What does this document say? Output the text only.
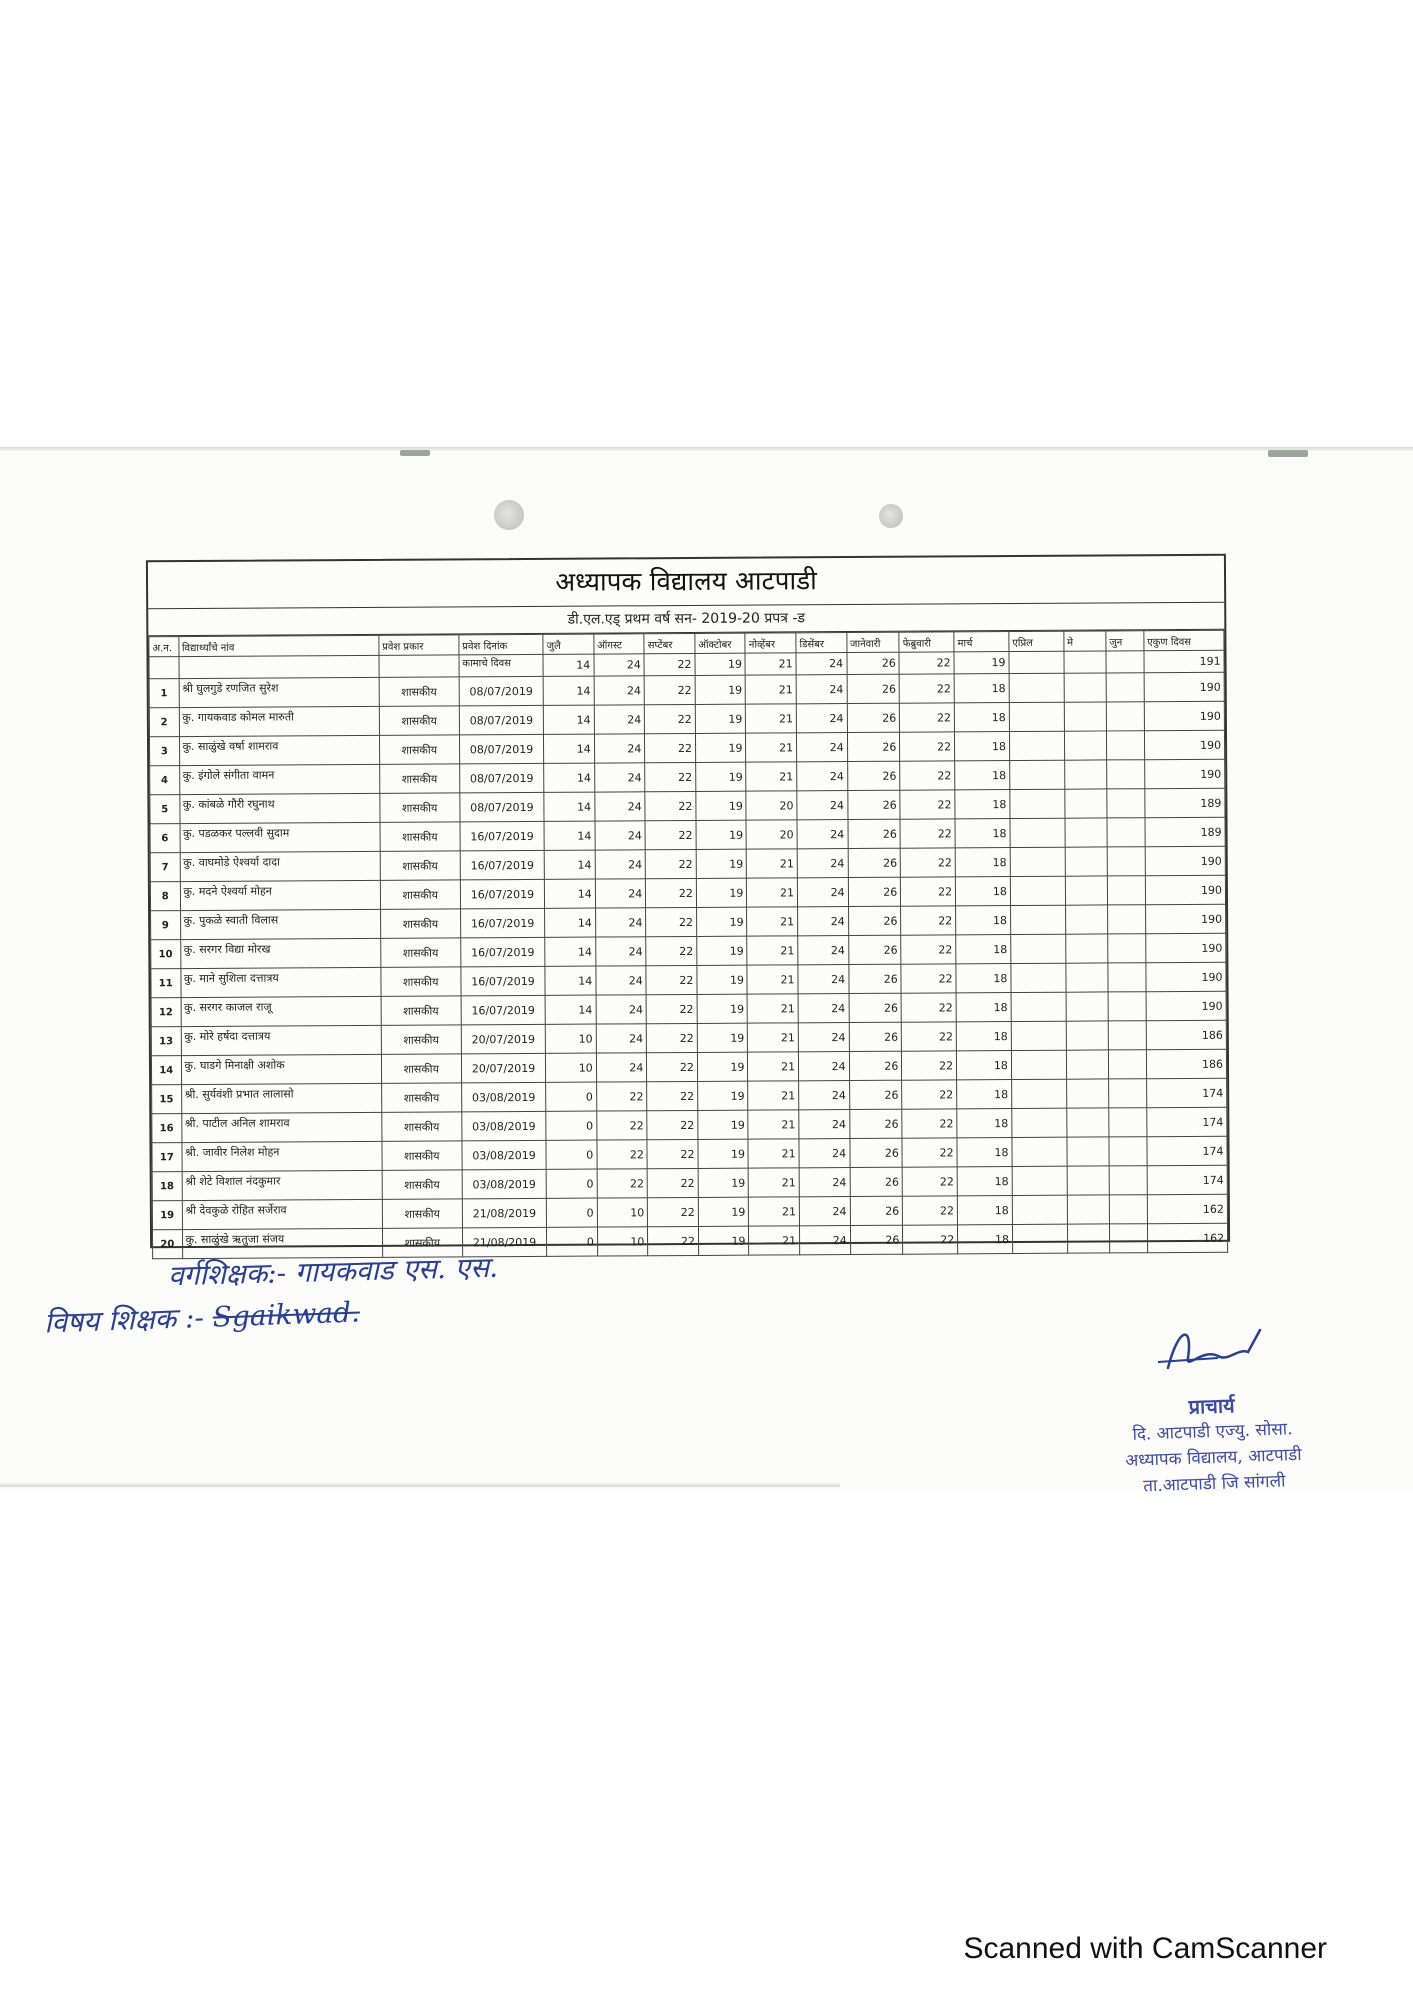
अध्यापक विद्यालय आटपाडी
डी.एल.एड् प्रथम वर्ष सन- 2019-20 प्रपत्र -ड
अ.न.	विद्यार्थ्यांचे नांव	प्रवेश प्रकार	प्रवेश दिनांक	जुलै	ऑगस्ट	सप्टेंबर	ऑक्टोबर	नोव्हेंबर	डिसेंबर	जानेवारी	फेब्रुवारी	मार्च	एप्रिल	मे	जुन	एकुण दिवस
			कामाचे दिवस	14	24	22	19	21	24	26	22	19				191
1	श्री घुलगुडे रणजित सुरेश	शासकीय	08/07/2019	14	24	22	19	21	24	26	22	18				190
2	कु. गायकवाड कोमल मारुती	शासकीय	08/07/2019	14	24	22	19	21	24	26	22	18				190
3	कु. साळुंखे वर्षा शामराव	शासकीय	08/07/2019	14	24	22	19	21	24	26	22	18				190
4	कु. इंगोले संगीता वामन	शासकीय	08/07/2019	14	24	22	19	21	24	26	22	18				190
5	कु. कांबळे गौरी रघुनाथ	शासकीय	08/07/2019	14	24	22	19	20	24	26	22	18				189
6	कु. पडळकर पल्लवी सुदाम	शासकीय	16/07/2019	14	24	22	19	20	24	26	22	18				189
7	कु. वाघमोडे ऐश्वर्या दादा	शासकीय	16/07/2019	14	24	22	19	21	24	26	22	18				190
8	कु. मदने ऐश्वर्या मोहन	शासकीय	16/07/2019	14	24	22	19	21	24	26	22	18				190
9	कु. पुकळे स्वाती विलास	शासकीय	16/07/2019	14	24	22	19	21	24	26	22	18				190
10	कु. सरगर विद्या मोरख	शासकीय	16/07/2019	14	24	22	19	21	24	26	22	18				190
11	कु. माने सुशिला दत्तात्रय	शासकीय	16/07/2019	14	24	22	19	21	24	26	22	18				190
12	कु. सरगर काजल राजू	शासकीय	16/07/2019	14	24	22	19	21	24	26	22	18				190
13	कु. मोरे हर्षदा दत्तात्रय	शासकीय	20/07/2019	10	24	22	19	21	24	26	22	18				186
14	कु. घाडगे मिनाक्षी अशोक	शासकीय	20/07/2019	10	24	22	19	21	24	26	22	18				186
15	श्री. सुर्यवंशी प्रभात लालासो	शासकीय	03/08/2019	0	22	22	19	21	24	26	22	18				174
16	श्री. पाटील अनिल शामराव	शासकीय	03/08/2019	0	22	22	19	21	24	26	22	18				174
17	श्री. जावीर निलेश मोहन	शासकीय	03/08/2019	0	22	22	19	21	24	26	22	18				174
18	श्री शेटे विशाल नंदकुमार	शासकीय	03/08/2019	0	22	22	19	21	24	26	22	18				174
19	श्री देवकुळे रोहित सर्जेराव	शासकीय	21/08/2019	0	10	22	19	21	24	26	22	18				162
20	कु. साळुंखे ऋतुजा संजय	शासकीय	21/08/2019	0	10	22	19	21	24	26	22	18				162
वर्गशिक्षक:- गायकवाड एस. एस.
विषय शिक्षक :- Sgaikwad.
प्राचार्य
दि. आटपाडी एज्यु. सोसा.
अध्यापक विद्यालय, आटपाडी
ता.आटपाडी जि सांगली
Scanned with CamScanner
